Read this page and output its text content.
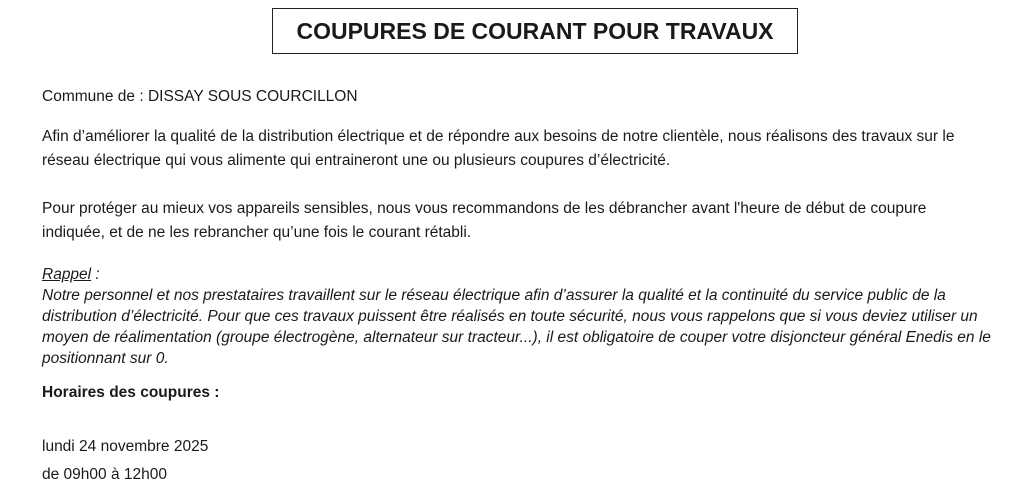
COUPURES DE COURANT POUR TRAVAUX
Commune de : DISSAY SOUS COURCILLON
Afin d’améliorer la qualité de la distribution électrique et de répondre aux besoins de notre clientèle, nous réalisons des travaux sur le réseau électrique qui vous alimente qui entraineront une ou plusieurs coupures d’électricité.
Pour protéger au mieux vos appareils sensibles, nous vous recommandons de les débrancher avant l'heure de début de coupure indiquée, et de ne les rebrancher qu’une fois le courant rétabli.
Rappel :
Notre personnel et nos prestataires travaillent sur le réseau électrique afin d’assurer la qualité et la continuité du service public de la distribution d’électricité. Pour que ces travaux puissent être réalisés en toute sécurité, nous vous rappelons que si vous deviez utiliser un moyen de réalimentation (groupe électrogène, alternateur sur tracteur...), il est obligatoire de couper votre disjoncteur général Enedis en le positionnant sur 0.
Horaires des coupures :
lundi 24 novembre 2025
de 09h00 à 12h00
